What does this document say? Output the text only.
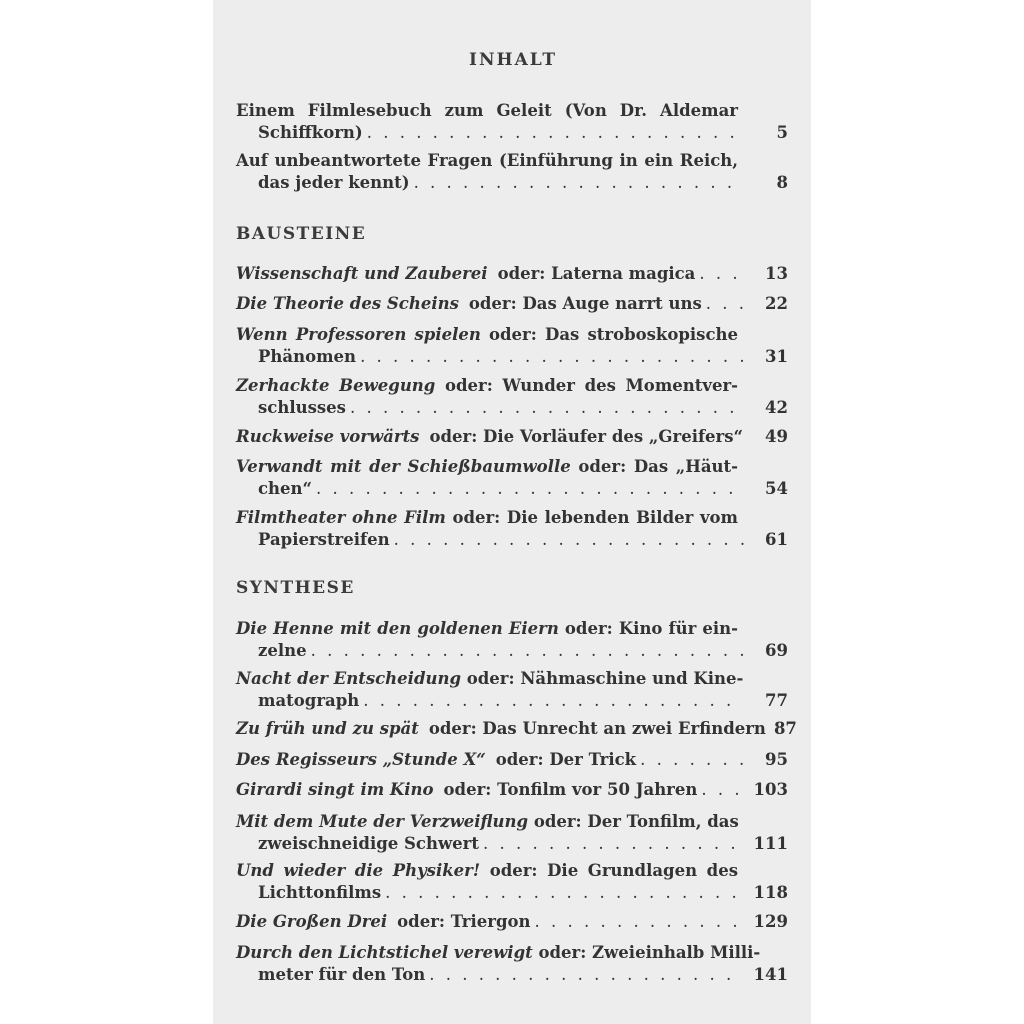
INHALT
Einem Filmlesebuch zum Geleit (Von Dr. Aldemar
Schiffkorn) . . .	5
Auf unbeantwortete Fragen (Einführung in ein Reich,
das jeder kennt) . . .	8
BAUSTEINE
Wissenschaft und Zauberei oder: Laterna magica . . .	13
Die Theorie des Scheins oder: Das Auge narrt uns . . .	22
Wenn Professoren spielen oder: Das stroboskopische
Phänomen . . .	31
Zerhackte Bewegung oder: Wunder des Momentver-
schlusses . . .	42
Ruckweise vorwärts oder: Die Vorläufer des „Greifers“	49
Verwandt mit der Schießbaumwolle oder: Das „Häut-
chen“ . . .	54
Filmtheater ohne Film oder: Die lebenden Bilder vom
Papierstreifen . . .	61
SYNTHESE
Die Henne mit den goldenen Eiern oder: Kino für ein-
zelne . . .	69
Nacht der Entscheidung oder: Nähmaschine und Kine-
matograph . . .	77
Zu früh und zu spät oder: Das Unrecht an zwei Erfindern 87
Des Regisseurs „Stunde X“ oder: Der Trick . . .	95
Girardi singt im Kino oder: Tonfilm vor 50 Jahren . . .	103
Mit dem Mute der Verzweiflung oder: Der Tonfilm, das
zweischneidige Schwert . . .	111
Und wieder die Physiker! oder: Die Grundlagen des
Lichttonfilms . . .	118
Die Großen Drei oder: Triergon . . .	129
Durch den Lichtstichel verewigt oder: Zweieinhalb Milli-
meter für den Ton . . .	141
